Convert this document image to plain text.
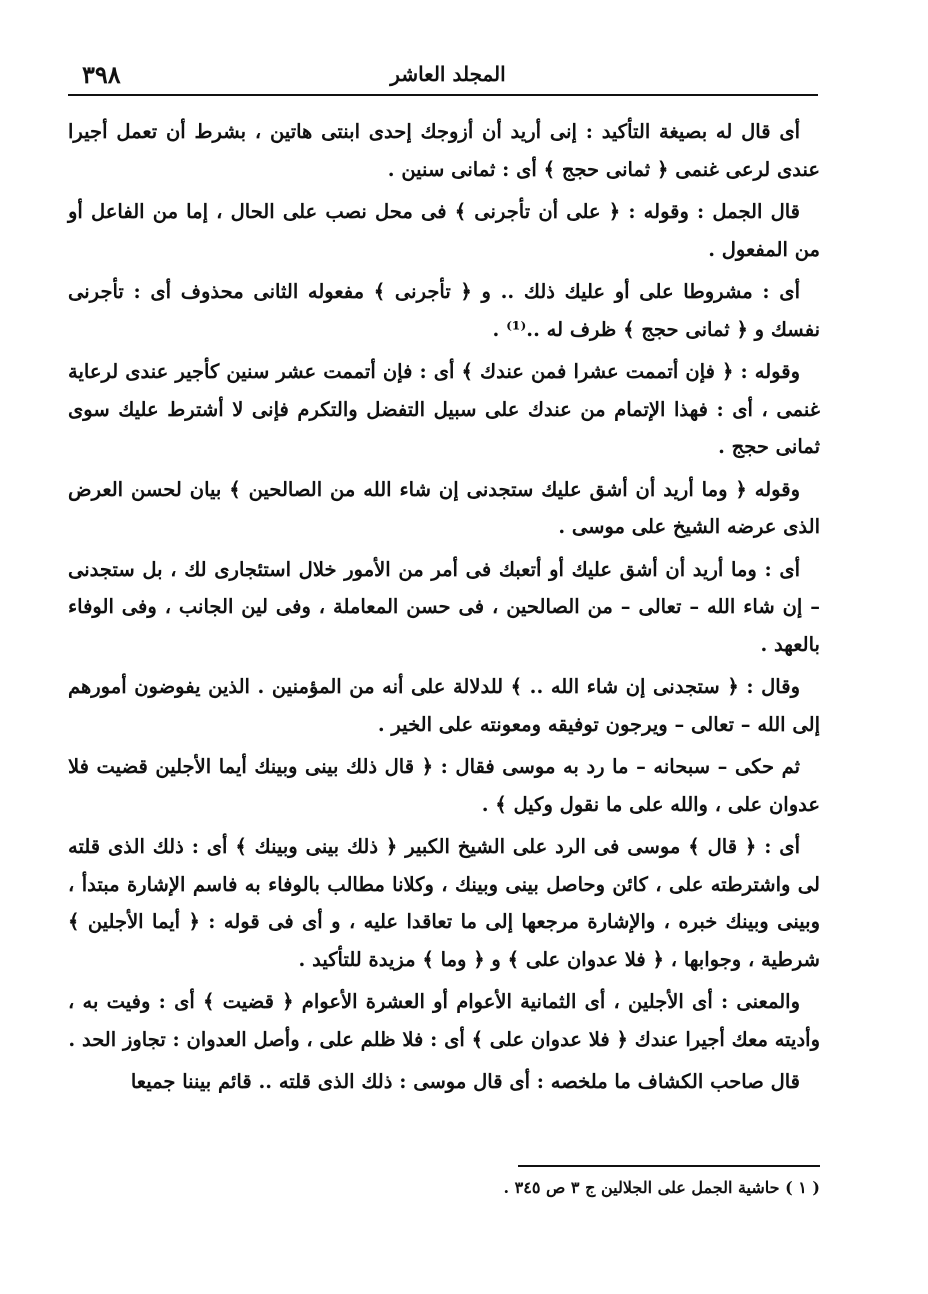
٣٩٨	المجلد العاشر

أى قال له بصيغة التأكيد : إنى أريد أن أزوجك إحدى ابنتى هاتين ، بشرط أن تعمل أجيرا عندى لرعى غنمى ﴿ ثمانى حجج ﴾ أى : ثمانى سنين .

قال الجمل : وقوله : ﴿ على أن تأجرنى ﴾ فى محل نصب على الحال ، إما من الفاعل أو من المفعول .

أى : مشروطا على أو عليك ذلك .. و ﴿ تأجرنى ﴾ مفعوله الثانى محذوف أى : تأجرنى نفسك و ﴿ ثمانى حجج ﴾ ظرف له ..⁽¹⁾ .

وقوله : ﴿ فإن أتممت عشرا فمن عندك ﴾ أى : فإن أتممت عشر سنين كأجير عندى لرعاية غنمى ، أى : فهذا الإتمام من عندك على سبيل التفضل والتكرم فإنى لا أشترط عليك سوى ثمانى حجج .

وقوله ﴿ وما أريد أن أشق عليك ستجدنى إن شاء الله من الصالحين ﴾ بيان لحسن العرض الذى عرضه الشيخ على موسى .

أى : وما أريد أن أشق عليك أو أتعبك فى أمر من الأمور خلال استئجارى لك ، بل ستجدنى – إن شاء الله – تعالى – من الصالحين ، فى حسن المعاملة ، وفى لين الجانب ، وفى الوفاء بالعهد .

وقال : ﴿ ستجدنى إن شاء الله .. ﴾ للدلالة على أنه من المؤمنين . الذين يفوضون أمورهم إلى الله – تعالى – ويرجون توفيقه ومعونته على الخير .

ثم حكى – سبحانه – ما رد به موسى فقال : ﴿ قال ذلك بينى وبينك أيما الأجلين قضيت فلا عدوان على ، والله على ما نقول وكيل ﴾ .

أى : ﴿ قال ﴾ موسى فى الرد على الشيخ الكبير ﴿ ذلك بينى وبينك ﴾ أى : ذلك الذى قلته لى واشترطته على ، كائن وحاصل بينى وبينك ، وكلانا مطالب بالوفاء به فاسم الإشارة مبتدأ ، وبينى وبينك خبره ، والإشارة مرجعها إلى ما تعاقدا عليه ، و أى فى قوله : ﴿ أيما الأجلين ﴾ شرطية ، وجوابها ، ﴿ فلا عدوان على ﴾ و ﴿ وما ﴾ مزيدة للتأكيد .

والمعنى : أى الأجلين ، أى الثمانية الأعوام أو العشرة الأعوام ﴿ قضيت ﴾ أى : وفيت به ، وأديته معك أجيرا عندك ﴿ فلا عدوان على ﴾ أى : فلا ظلم على ، وأصل العدوان : تجاوز الحد .

قال صاحب الكشاف ما ملخصه : أى قال موسى : ذلك الذى قلته .. قائم بيننا جميعا

( ١ ) حاشية الجمل على الجلالين ج ٣ ص ٣٤٥ .
